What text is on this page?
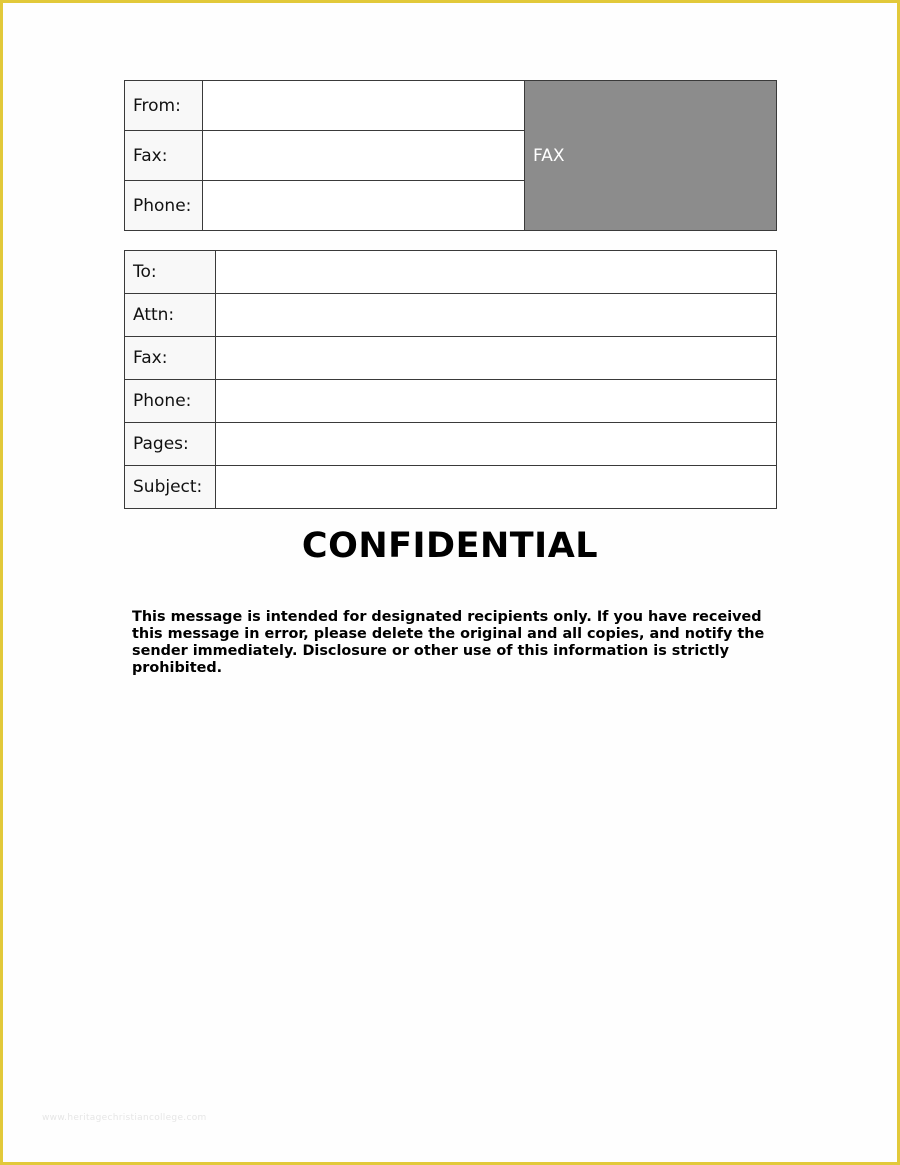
From:		FAX
Fax:		
Phone:		
To:	
Attn:	
Fax:	
Phone:	
Pages:	
Subject:	
CONFIDENTIAL

This message is intended for designated recipients only. If you have received this message in error, please delete the original and all copies, and notify the sender immediately. Disclosure or other use of this information is strictly prohibited.

www.heritagechristiancollege.com
